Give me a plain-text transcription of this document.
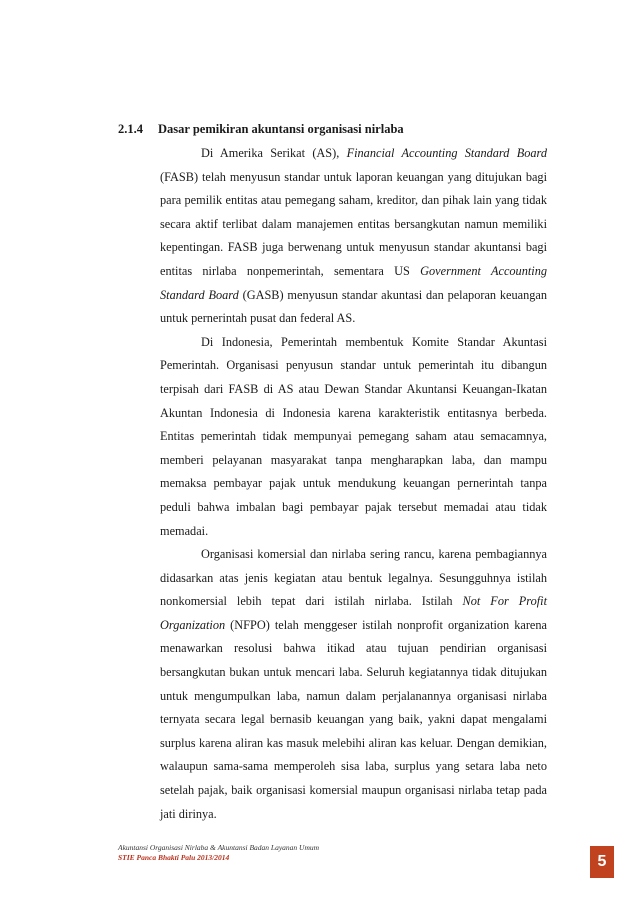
2.1.4 Dasar pemikiran akuntansi organisasi nirlaba

Di Amerika Serikat (AS), Financial Accounting Standard Board (FASB) telah menyusun standar untuk laporan keuangan yang ditujukan bagi para pemilik entitas atau pemegang saham, kreditor, dan pihak lain yang tidak secara aktif terlibat dalam manajemen entitas bersangkutan namun memiliki kepentingan. FASB juga berwenang untuk menyusun standar akuntansi bagi entitas nirlaba nonpemerintah, sementara US Government Accounting Standard Board (GASB) menyusun standar akuntasi dan pelaporan keuangan untuk pernerintah pusat dan federal AS.

Di Indonesia, Pemerintah membentuk Komite Standar Akuntasi Pemerintah. Organisasi penyusun standar untuk pemerintah itu dibangun terpisah dari FASB di AS atau Dewan Standar Akuntansi Keuangan-Ikatan Akuntan Indonesia di Indonesia karena karakteristik entitasnya berbeda. Entitas pemerintah tidak mempunyai pemegang saham atau semacamnya, memberi pelayanan masyarakat tanpa mengharapkan laba, dan mampu memaksa pembayar pajak untuk mendukung keuangan pernerintah tanpa peduli bahwa imbalan bagi pembayar pajak tersebut memadai atau tidak memadai.

Organisasi komersial dan nirlaba sering rancu, karena pembagiannya didasarkan atas jenis kegiatan atau bentuk legalnya. Sesungguhnya istilah nonkomersial lebih tepat dari istilah nirlaba. Istilah Not For Profit Organization (NFPO) telah menggeser istilah nonprofit organization karena menawarkan resolusi bahwa itikad atau tujuan pendirian organisasi bersangkutan bukan untuk mencari laba. Seluruh kegiatannya tidak ditujukan untuk mengumpulkan laba, namun dalam perjalanannya organisasi nirlaba ternyata secara legal bernasib keuangan yang baik, yakni dapat mengalami surplus karena aliran kas masuk melebihi aliran kas keluar. Dengan demikian, walaupun sama-sama memperoleh sisa laba, surplus yang setara laba neto setelah pajak, baik organisasi komersial maupun organisasi nirlaba tetap pada jati dirinya.

Akuntansi Organisasi Nirlaba & Akuntansi Badan Layanan Umum
STIE Panca Bhakti Palu 2013/2014	5
